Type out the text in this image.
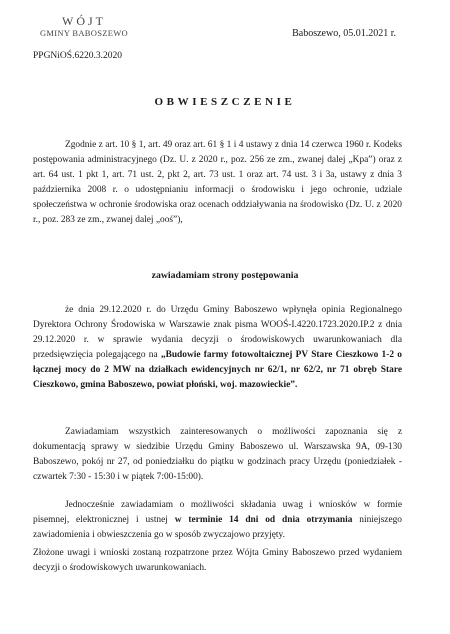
WÓJT
GMINY BABOSZEWO	Baboszewo, 05.01.2021 r.
PPGNiOŚ.6220.3.2020
OBWIESZCZENIE
Zgodnie z art. 10 § 1, art. 49 oraz art. 61 § 1 i 4 ustawy z dnia 14 czerwca 1960 r. Kodeks postępowania administracyjnego (Dz. U. z 2020 r., poz. 256 ze zm., zwanej dalej „Kpa”) oraz z art. 64 ust. 1 pkt 1, art. 71 ust. 2, pkt 2, art. 73 ust. 1 oraz art. 74 ust. 3 i 3a, ustawy z dnia 3 października 2008 r. o udostępnianiu informacji o środowisku i jego ochronie, udziale społeczeństwa w ochronie środowiska oraz ocenach oddziaływania na środowisko (Dz. U. z 2020 r., poz. 283 ze zm., zwanej dalej „ooś”),
zawiadamiam strony postępowania
że dnia 29.12.2020 r. do Urzędu Gminy Baboszewo wpłynęła opinia Regionalnego Dyrektora Ochrony Środowiska w Warszawie znak pisma WOOŚ-I.4220.1723.2020.IP.2 z dnia 29.12.2020 r. w sprawie wydania decyzji o środowiskowych uwarunkowaniach dla przedsięwzięcia polegającego na „Budowie farmy fotowoltaicznej PV Stare Cieszkowo 1-2 o łącznej mocy do 2 MW na działkach ewidencyjnych nr 62/1, nr 62/2, nr 71 obręb Stare Cieszkowo, gmina Baboszewo, powiat płoński, woj. mazowieckie”.
Zawiadamiam wszystkich zainteresowanych o możliwości zapoznania się z dokumentacją sprawy w siedzibie Urzędu Gminy Baboszewo ul. Warszawska 9A, 09-130 Baboszewo, pokój nr 27, od poniedziałku do piątku w godzinach pracy Urzędu (poniedziałek - czwartek 7:30 - 15:30 i w piątek 7:00-15:00).
Jednocześnie zawiadamiam o możliwości składania uwag i wniosków w formie pisemnej, elektronicznej i ustnej w terminie 14 dni od dnia otrzymania niniejszego zawiadomienia i obwieszczenia go w sposób zwyczajowo przyjęty.
Złożone uwagi i wnioski zostaną rozpatrzone przez Wójta Gminy Baboszewo przed wydaniem decyzji o środowiskowych uwarunkowaniach.
